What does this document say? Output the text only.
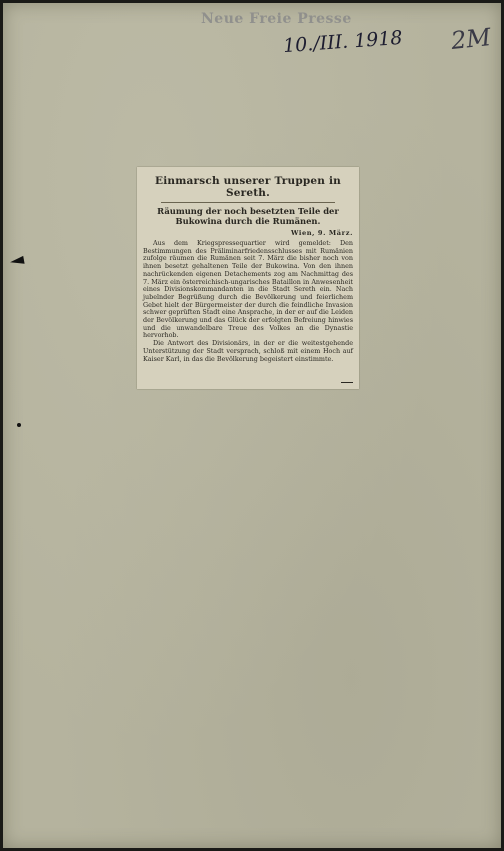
Neue Freie Presse
10./III. 1918 2M
Einmarsch unserer Truppen in Sereth.
Räumung der noch besetzten Teile der Bukowina durch die Rumänen.
Wien, 9. März.

Aus dem Kriegspressequartier wird gemeldet: Den Bestimmungen des Präliminarfriedensschlusses mit Rumänien zufolge räumen die Rumänen seit 7. März die bisher noch von ihnen besetzt gehaltenen Teile der Bukowina. Von den ihnen nachrückenden eigenen Detachements zog am Nachmittag des 7. März ein österreichisch-ungarisches Bataillon in Anwesenheit eines Divisionskommandanten in die Stadt Sereth ein. Nach jubelnder Begrüßung durch die Bevölkerung und feierlichem Gebet hielt der Bürgermeister der durch die feindliche Invasion schwer geprüften Stadt eine Ansprache, in der er auf die Leiden der Bevölkerung und das Glück der erfolgten Befreiung hinwies und die unwandelbare Treue des Volkes an die Dynastie hervorhob.

Die Antwort des Divisionärs, in der er die weitestgehende Unterstützung der Stadt versprach, schloß mit einem Hoch auf Kaiser Karl, in das die Bevölkerung begeistert einstimmte.
